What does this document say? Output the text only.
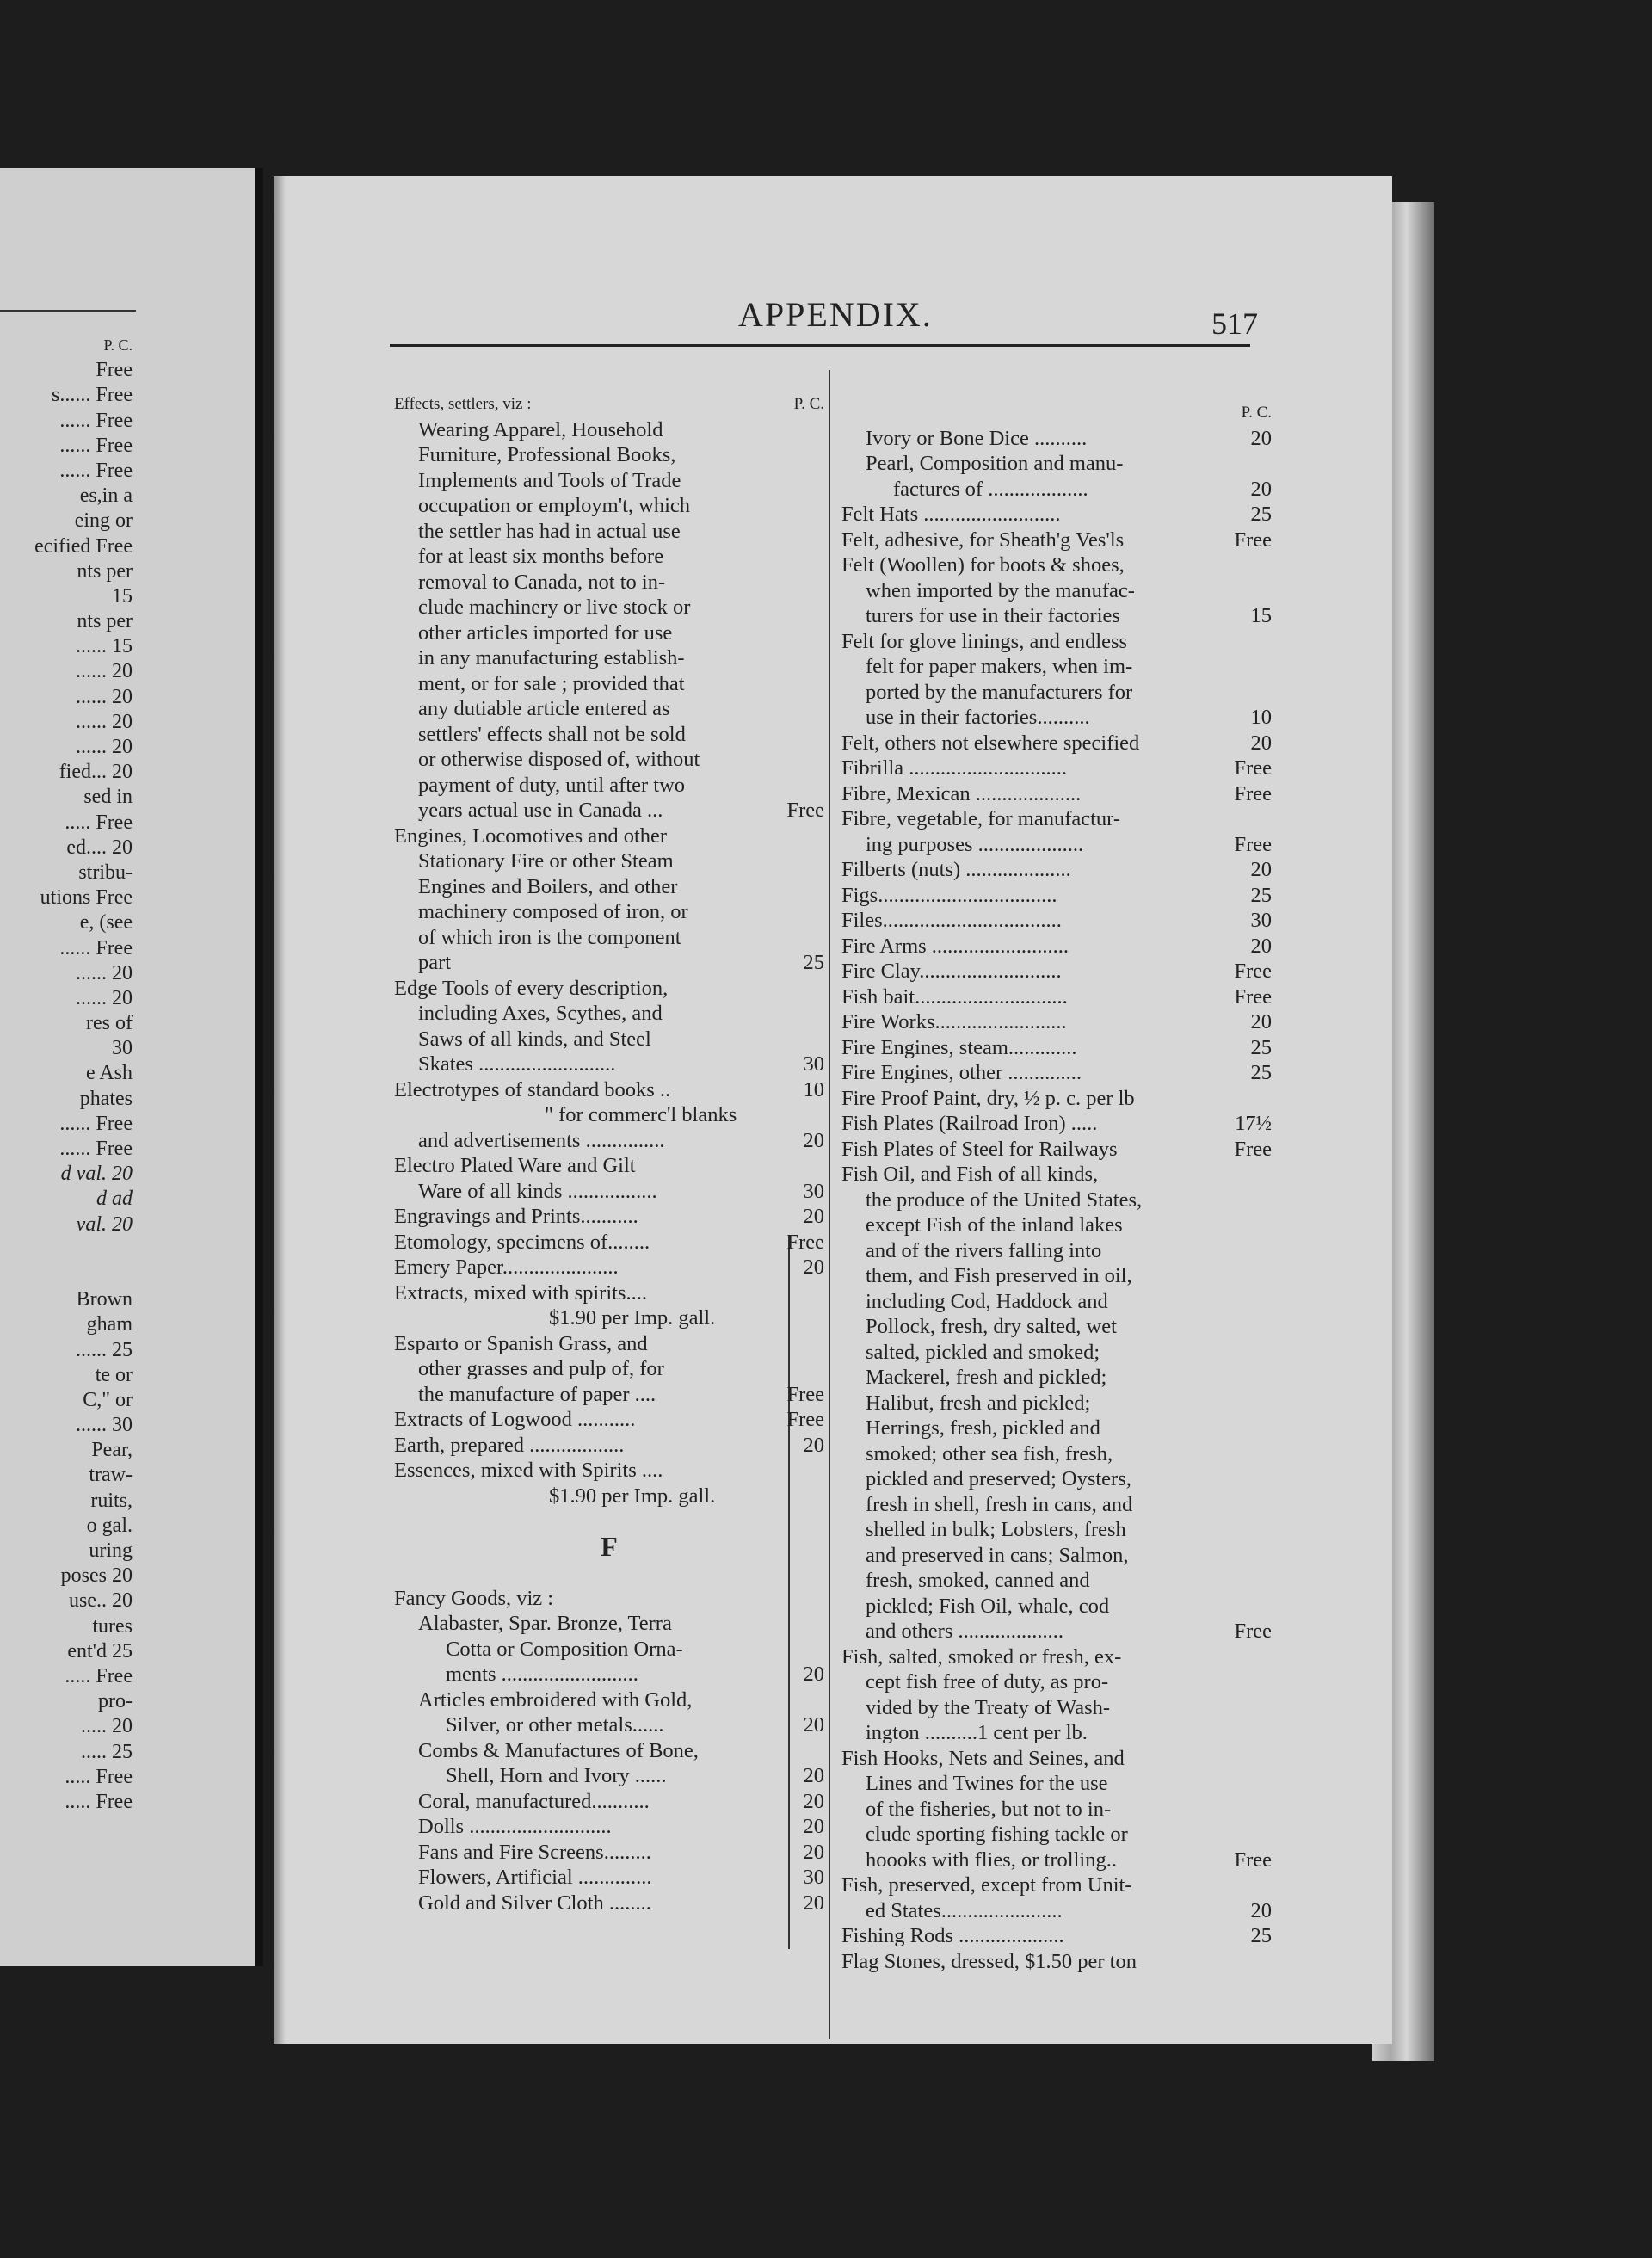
P. C.
Free
s...... Free
...... Free
...... Free
...... Free
es,in a
eing or
ecified Free
nts per
15
nts per
...... 15
...... 20
...... 20
...... 20
...... 20
fied... 20
sed in
..... Free
ed.... 20
stribu-
utions Free
e, (see
...... Free
...... 20
...... 20
res of
30
e Ash
phates
...... Free
...... Free
d val. 20
d ad
val. 20
Brown
gham
...... 25
te or
C," or
...... 30
Pear,
traw-
ruits,
o gal.
uring
poses 20
use.. 20
tures
ent'd 25
..... Free
pro-
..... 20
..... 25
..... Free
..... Free
APPENDIX.	517
Effects, settlers, viz :	P. C.
Wearing Apparel, Household
Furniture, Professional Books,
Implements and Tools of Trade
occupation or employm't, which
the settler has had in actual use
for at least six months before
removal to Canada, not to in-
clude machinery or live stock or
other articles imported for use
in any manufacturing establish-
ment, or for sale ; provided that
any dutiable article entered as
settlers' effects shall not be sold
or otherwise disposed of, without
payment of duty, until after two
years actual use in Canada ...	Free
Engines, Locomotives and other
Stationary Fire or other Steam
Engines and Boilers, and other
machinery composed of iron, or
of which iron is the component
part	25
Edge Tools of every description,
including Axes, Scythes, and
Saws of all kinds, and Steel
Skates ..........................	30
Electrotypes of standard books ..	10
" for commerc'l blanks
and advertisements ...............	20
Electro Plated Ware and Gilt
Ware of all kinds .................	30
Engravings and Prints...........	20
Etomology, specimens of........	Free
Emery Paper......................	20
Extracts, mixed with spirits....
$1.90 per Imp. gall.
Esparto or Spanish Grass, and
other grasses and pulp of, for
the manufacture of paper ....	Free
Extracts of Logwood ...........	Free
Earth, prepared ..................	20
Essences, mixed with Spirits ....
$1.90 per Imp. gall.
F
Fancy Goods, viz :
Alabaster, Spar. Bronze, Terra
Cotta or Composition Orna-
ments ..........................	20
Articles embroidered with Gold,
Silver, or other metals......	20
Combs & Manufactures of Bone,
Shell, Horn and Ivory ......	20
Coral, manufactured...........	20
Dolls ...........................	20
Fans and Fire Screens.........	20
Flowers, Artificial ..............	30
Gold and Silver Cloth ........	20
P. C.
Ivory or Bone Dice ..........	20
Pearl, Composition and manu-
factures of ...................	20
Felt Hats ..........................	25
Felt, adhesive, for Sheath'g Ves'ls	Free
Felt (Woollen) for boots & shoes,
when imported by the manufac-
turers for use in their factories	15
Felt for glove linings, and endless
felt for paper makers, when im-
ported by the manufacturers for
use in their factories..........	10
Felt, others not elsewhere specified	20
Fibrilla ..............................	Free
Fibre, Mexican ....................	Free
Fibre, vegetable, for manufactur-
ing purposes ....................	Free
Filberts (nuts) ....................	20
Figs..................................	25
Files..................................	30
Fire Arms ..........................	20
Fire Clay...........................	Free
Fish bait.............................	Free
Fire Works.........................	20
Fire Engines, steam.............	25
Fire Engines, other ..............	25
Fire Proof Paint, dry, ½ p. c. per lb
Fish Plates (Railroad Iron) .....	17½
Fish Plates of Steel for Railways	Free
Fish Oil, and Fish of all kinds,
the produce of the United States,
except Fish of the inland lakes
and of the rivers falling into
them, and Fish preserved in oil,
including Cod, Haddock and
Pollock, fresh, dry salted, wet
salted, pickled and smoked;
Mackerel, fresh and pickled;
Halibut, fresh and pickled;
Herrings, fresh, pickled and
smoked; other sea fish, fresh,
pickled and preserved; Oysters,
fresh in shell, fresh in cans, and
shelled in bulk; Lobsters, fresh
and preserved in cans; Salmon,
fresh, smoked, canned and
pickled; Fish Oil, whale, cod
and others ....................	Free
Fish, salted, smoked or fresh, ex-
cept fish free of duty, as pro-
vided by the Treaty of Wash-
ington ..........1 cent per lb.
Fish Hooks, Nets and Seines, and
Lines and Twines for the use
of the fisheries, but not to in-
clude sporting fishing tackle or
hoooks with flies, or trolling..	Free
Fish, preserved, except from Unit-
ed States.......................	20
Fishing Rods ....................	25
Flag Stones, dressed, $1.50 per ton
